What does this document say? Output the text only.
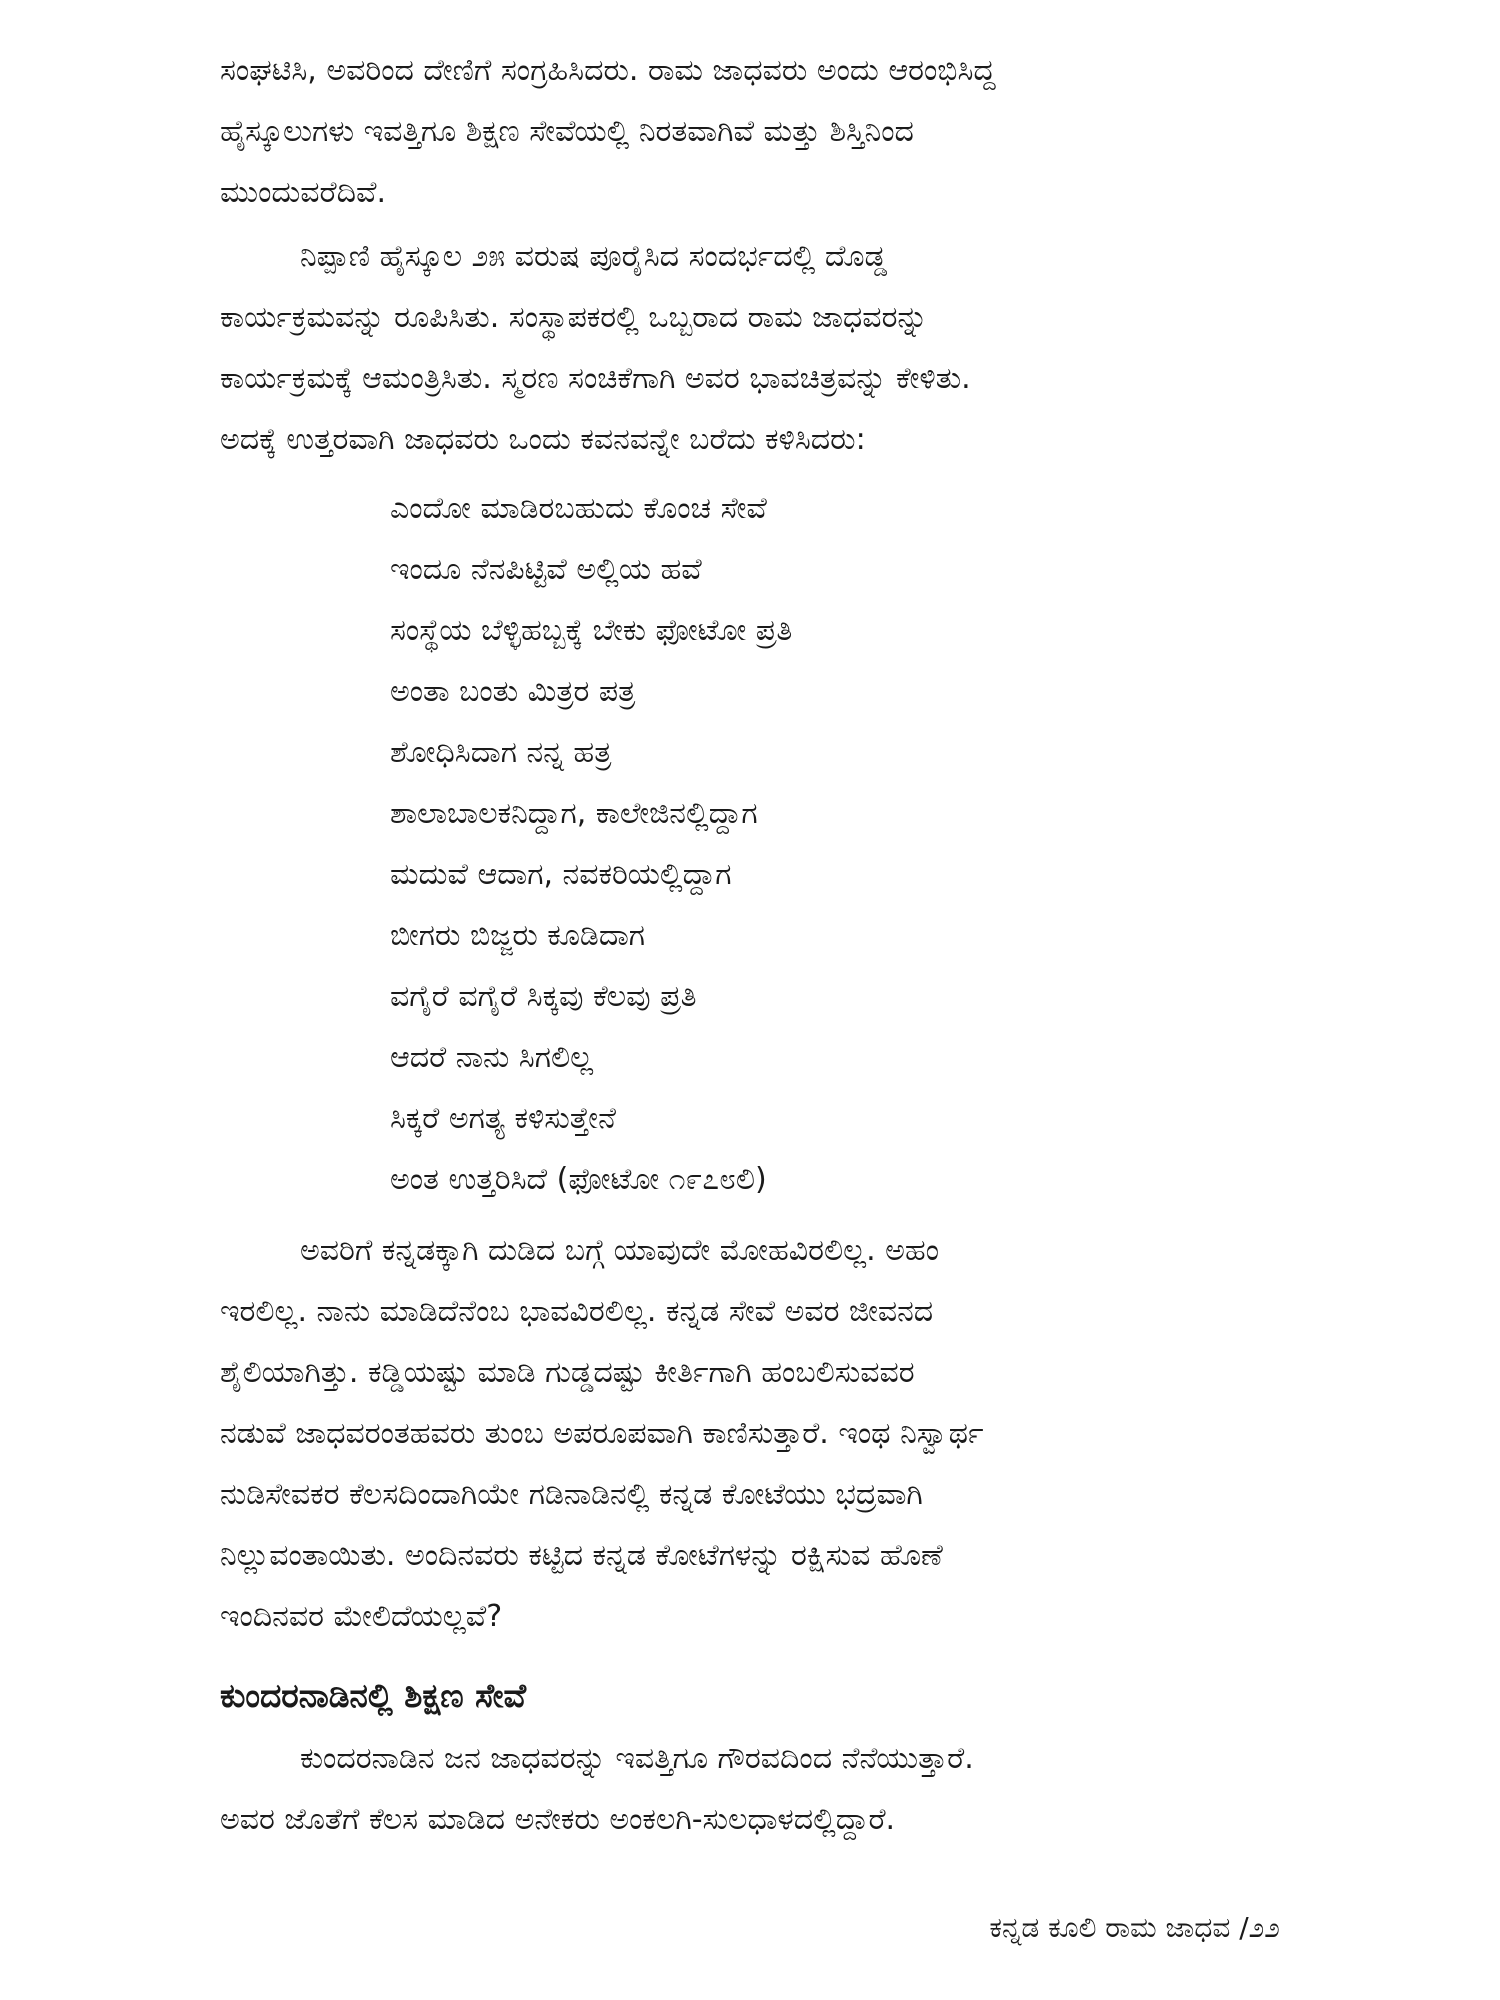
ಸಂಘಟಿಸಿ, ಅವರಿಂದ ದೇಣಿಗೆ ಸಂಗ್ರಹಿಸಿದರು. ರಾಮ ಜಾಧವರು ಅಂದು ಆರಂಭಿಸಿದ್ದ
ಹೈಸ್ಕೂಲುಗಳು ಇವತ್ತಿಗೂ ಶಿಕ್ಷಣ ಸೇವೆಯಲ್ಲಿ ನಿರತವಾಗಿವೆ ಮತ್ತು ಶಿಸ್ತಿನಿಂದ
ಮುಂದುವರೆದಿವೆ.
ನಿಪ್ಪಾಣಿ ಹೈಸ್ಕೂಲ ೨೫ ವರುಷ ಪೂರೈಸಿದ ಸಂದರ್ಭದಲ್ಲಿ ದೊಡ್ಡ
ಕಾರ್ಯಕ್ರಮವನ್ನು ರೂಪಿಸಿತು. ಸಂಸ್ಥಾಪಕರಲ್ಲಿ ಒಬ್ಬರಾದ ರಾಮ ಜಾಧವರನ್ನು
ಕಾರ್ಯಕ್ರಮಕ್ಕೆ ಆಮಂತ್ರಿಸಿತು. ಸ್ಮರಣ ಸಂಚಿಕೆಗಾಗಿ ಅವರ ಭಾವಚಿತ್ರವನ್ನು ಕೇಳಿತು.
ಅದಕ್ಕೆ ಉತ್ತರವಾಗಿ ಜಾಧವರು ಒಂದು ಕವನವನ್ನೇ ಬರೆದು ಕಳಿಸಿದರು:
ಎಂದೋ ಮಾಡಿರಬಹುದು ಕೊಂಚ ಸೇವೆ
ಇಂದೂ ನೆನಪಿಟ್ಟಿವೆ ಅಲ್ಲಿಯ ಹವೆ
ಸಂಸ್ಥೆಯ ಬೆಳ್ಳಿಹಬ್ಬಕ್ಕೆ ಬೇಕು ಫೋಟೋ ಪ್ರತಿ
ಅಂತಾ ಬಂತು ಮಿತ್ರರ ಪತ್ರ
ಶೋಧಿಸಿದಾಗ ನನ್ನ ಹತ್ರ
ಶಾಲಾಬಾಲಕನಿದ್ದಾಗ, ಕಾಲೇಜಿನಲ್ಲಿದ್ದಾಗ
ಮದುವೆ ಆದಾಗ, ನವಕರಿಯಲ್ಲಿದ್ದಾಗ
ಬೀಗರು ಬಿಜ್ಜರು ಕೂಡಿದಾಗ
ವಗೈರೆ ವಗೈರೆ ಸಿಕ್ಕವು ಕೆಲವು ಪ್ರತಿ
ಆದರೆ ನಾನು ಸಿಗಲಿಲ್ಲ
ಸಿಕ್ಕರೆ ಅಗತ್ಯ ಕಳಿಸುತ್ತೇನೆ
ಅಂತ ಉತ್ತರಿಸಿದೆ (ಫೋಟೋ ೧೯೭೮ಲಿ)
ಅವರಿಗೆ ಕನ್ನಡಕ್ಕಾಗಿ ದುಡಿದ ಬಗ್ಗೆ ಯಾವುದೇ ಮೋಹವಿರಲಿಲ್ಲ. ಅಹಂ
ಇರಲಿಲ್ಲ. ನಾನು ಮಾಡಿದೆನೆಂಬ ಭಾವವಿರಲಿಲ್ಲ. ಕನ್ನಡ ಸೇವೆ ಅವರ ಜೀವನದ
ಶೈಲಿಯಾಗಿತ್ತು. ಕಡ್ಡಿಯಷ್ಟು ಮಾಡಿ ಗುಡ್ಡದಷ್ಟು ಕೀರ್ತಿಗಾಗಿ ಹಂಬಲಿಸುವವರ
ನಡುವೆ ಜಾಧವರಂತಹವರು ತುಂಬ ಅಪರೂಪವಾಗಿ ಕಾಣಿಸುತ್ತಾರೆ. ಇಂಥ ನಿಸ್ವಾರ್ಥ
ನುಡಿಸೇವಕರ ಕೆಲಸದಿಂದಾಗಿಯೇ ಗಡಿನಾಡಿನಲ್ಲಿ ಕನ್ನಡ ಕೋಟೆಯು ಭದ್ರವಾಗಿ
ನಿಲ್ಲುವಂತಾಯಿತು. ಅಂದಿನವರು ಕಟ್ಟಿದ ಕನ್ನಡ ಕೋಟೆಗಳನ್ನು ರಕ್ಷಿಸುವ ಹೊಣೆ
ಇಂದಿನವರ ಮೇಲಿದೆಯಲ್ಲವೆ?
ಕುಂದರನಾಡಿನಲ್ಲಿ ಶಿಕ್ಷಣ ಸೇವೆ
ಕುಂದರನಾಡಿನ ಜನ ಜಾಧವರನ್ನು ಇವತ್ತಿಗೂ ಗೌರವದಿಂದ ನೆನೆಯುತ್ತಾರೆ.
ಅವರ ಜೊತೆಗೆ ಕೆಲಸ ಮಾಡಿದ ಅನೇಕರು ಅಂಕಲಗಿ-ಸುಲಧಾಳದಲ್ಲಿದ್ದಾರೆ.
ಕನ್ನಡ ಕೂಲಿ ರಾಮ ಜಾಧವ /೨೨
